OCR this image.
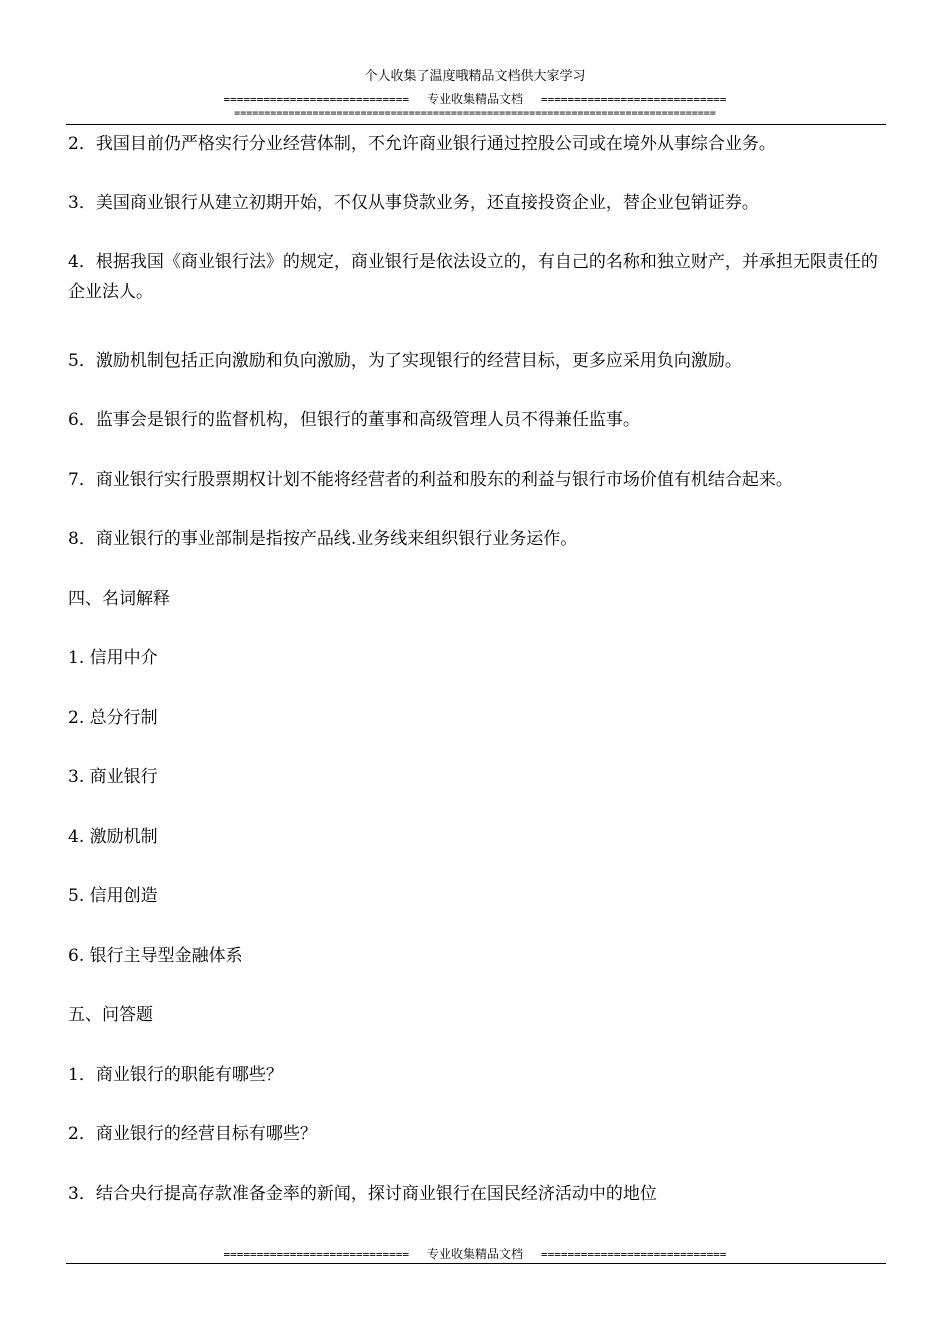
个人收集了温度哦精品文档供大家学习
============================ 专业收集精品文档 ============================
================================================================================
2．我国目前仍严格实行分业经营体制，不允许商业银行通过控股公司或在境外从事综合业务。
3．美国商业银行从建立初期开始，不仅从事贷款业务，还直接投资企业，替企业包销证券。
4．根据我国《商业银行法》的规定，商业银行是依法设立的，有自己的名称和独立财产，并承担无限责任的企业法人。
5．激励机制包括正向激励和负向激励，为了实现银行的经营目标，更多应采用负向激励。
6．监事会是银行的监督机构，但银行的董事和高级管理人员不得兼任监事。
7．商业银行实行股票期权计划不能将经营者的利益和股东的利益与银行市场价值有机结合起来。
8．商业银行的事业部制是指按产品线.业务线来组织银行业务运作。
四、名词解释
1. 信用中介
2. 总分行制
3. 商业银行
4. 激励机制
5. 信用创造
6. 银行主导型金融体系
五、问答题
1．商业银行的职能有哪些？
2．商业银行的经营目标有哪些？
3．结合央行提高存款准备金率的新闻，探讨商业银行在国民经济活动中的地位
============================ 专业收集精品文档 ============================
